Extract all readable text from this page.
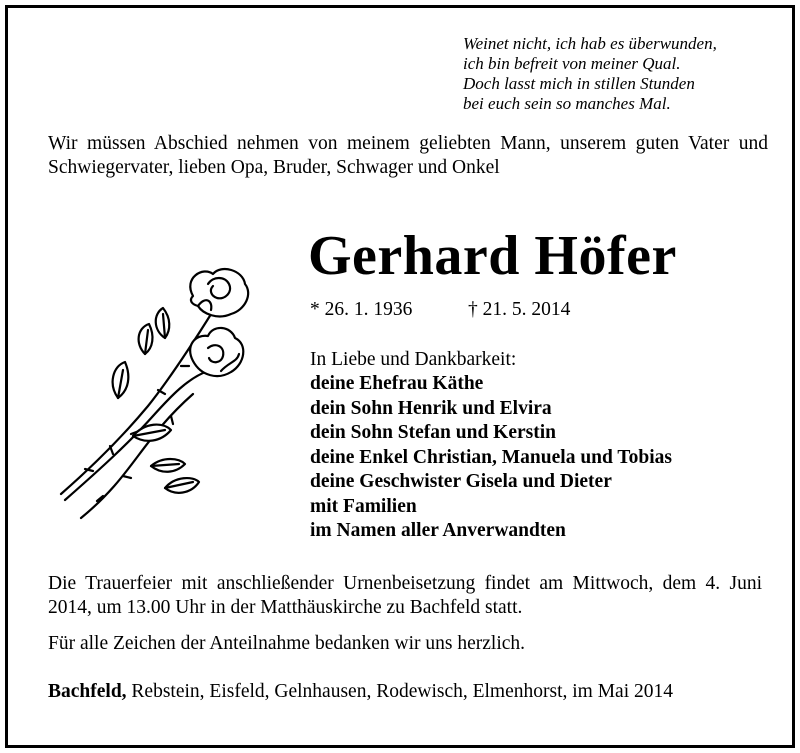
Weinet nicht, ich hab es überwunden,
ich bin befreit von meiner Qual.
Doch lasst mich in stillen Stunden
bei euch sein so manches Mal.
Wir müssen Abschied nehmen von meinem geliebten Mann, unserem guten Vater und Schwiegervater, lieben Opa, Bruder, Schwager und Onkel
Gerhard Höfer
* 26. 1. 1936	† 21. 5. 2014
In Liebe und Dankbarkeit:
deine Ehefrau Käthe
dein Sohn Henrik und Elvira
dein Sohn Stefan und Kerstin
deine Enkel Christian, Manuela und Tobias
deine Geschwister Gisela und Dieter
mit Familien
im Namen aller Anverwandten
Die Trauerfeier mit anschließender Urnenbeisetzung findet am Mittwoch, dem 4. Juni 2014, um 13.00 Uhr in der Matthäuskirche zu Bachfeld statt.
Für alle Zeichen der Anteilnahme bedanken wir uns herzlich.
Bachfeld, Rebstein, Eisfeld, Gelnhausen, Rodewisch, Elmenhorst, im Mai 2014
